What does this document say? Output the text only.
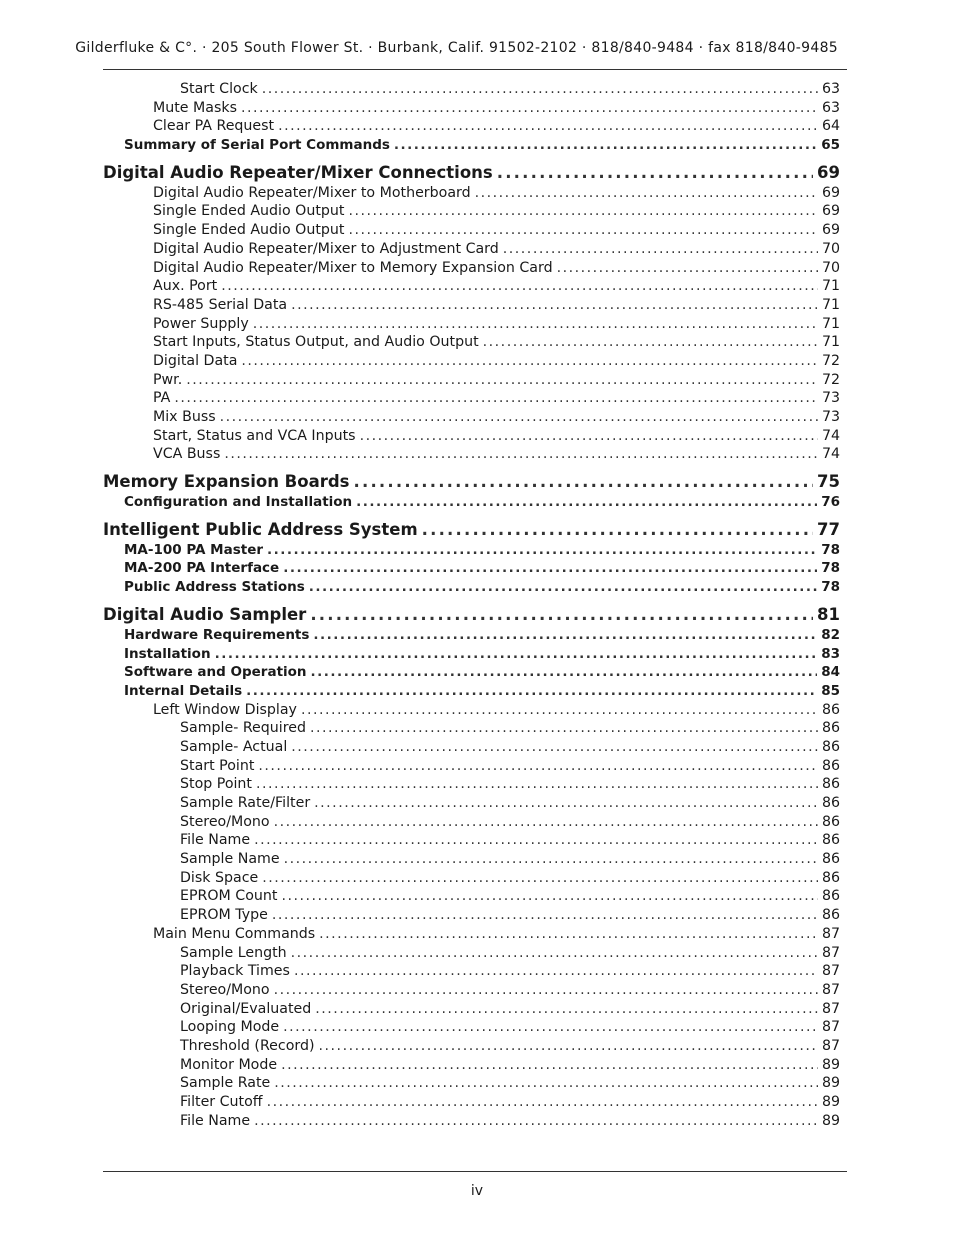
Gilderfluke & C°. · 205 South Flower St. · Burbank, Calif. 91502-2102 · 818/840-9484 · fax 818/840-9485
Start Clock .....	63
Mute Masks .....	63
Clear PA Request .....	64
Summary of Serial Port Commands .....	65
Digital Audio Repeater/Mixer Connections .....	69
Digital Audio Repeater/Mixer to Motherboard .....	69
Single Ended Audio Output .....	69
Single Ended Audio Output .....	69
Digital Audio Repeater/Mixer to Adjustment Card .....	70
Digital Audio Repeater/Mixer to Memory Expansion Card .....	70
Aux. Port .....	71
RS-485 Serial Data .....	71
Power Supply .....	71
Start Inputs, Status Output, and Audio Output .....	71
Digital Data .....	72
Pwr. .....	72
PA .....	73
Mix Buss .....	73
Start, Status and VCA Inputs .....	74
VCA Buss .....	74
Memory Expansion Boards .....	75
Configuration and Installation .....	76
Intelligent Public Address System .....	77
MA-100 PA Master .....	78
MA-200 PA Interface .....	78
Public Address Stations .....	78
Digital Audio Sampler .....	81
Hardware Requirements .....	82
Installation .....	83
Software and Operation .....	84
Internal Details .....	85
Left Window Display .....	86
Sample- Required .....	86
Sample- Actual .....	86
Start Point .....	86
Stop Point .....	86
Sample Rate/Filter .....	86
Stereo/Mono .....	86
File Name .....	86
Sample Name .....	86
Disk Space .....	86
EPROM Count .....	86
EPROM Type .....	86
Main Menu Commands .....	87
Sample Length .....	87
Playback Times .....	87
Stereo/Mono .....	87
Original/Evaluated .....	87
Looping Mode .....	87
Threshold (Record) .....	87
Monitor Mode .....	89
Sample Rate .....	89
Filter Cutoff .....	89
File Name .....	89
iv
